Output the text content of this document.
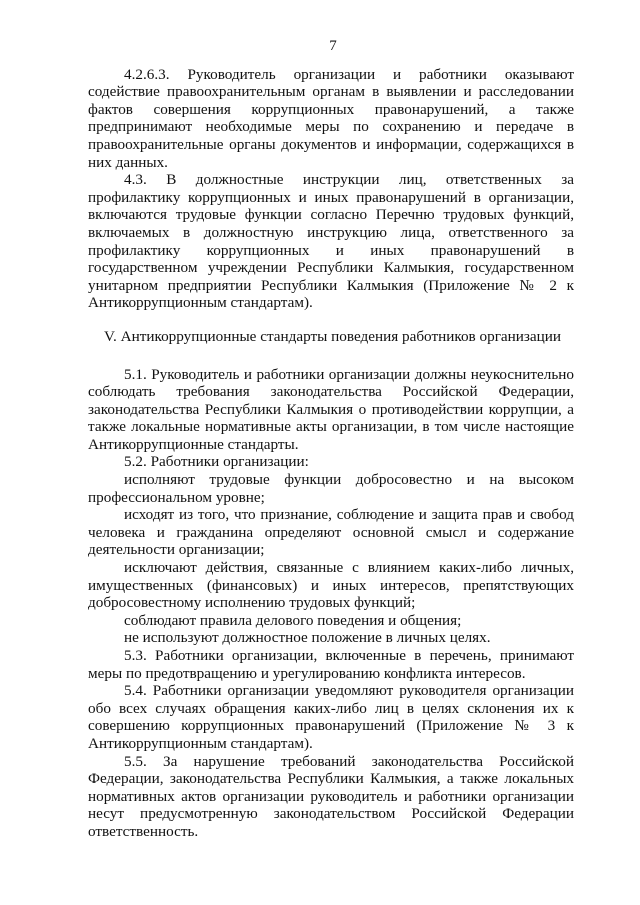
7

4.2.6.3. Руководитель организации и работники оказывают содействие правоохранительным органам в выявлении и расследовании фактов совершения коррупционных правонарушений, а также предпринимают необходимые меры по сохранению и передаче в правоохранительные органы документов и информации, содержащихся в них данных.

4.3. В должностные инструкции лиц, ответственных за профилактику коррупционных и иных правонарушений в организации, включаются трудовые функции согласно Перечню трудовых функций, включаемых в должностную инструкцию лица, ответственного за профилактику коррупционных и иных правонарушений в государственном учреждении Республики Калмыкия, государственном унитарном предприятии Республики Калмыкия (Приложение № 2 к Антикоррупционным стандартам).

V. Антикоррупционные стандарты поведения работников организации

5.1. Руководитель и работники организации должны неукоснительно соблюдать требования законодательства Российской Федерации, законодательства Республики Калмыкия о противодействии коррупции, а также локальные нормативные акты организации, в том числе настоящие Антикоррупционные стандарты.

5.2. Работники организации:

исполняют трудовые функции добросовестно и на высоком профессиональном уровне;

исходят из того, что признание, соблюдение и защита прав и свобод человека и гражданина определяют основной смысл и содержание деятельности организации;

исключают действия, связанные с влиянием каких-либо личных, имущественных (финансовых) и иных интересов, препятствующих добросовестному исполнению трудовых функций;

соблюдают правила делового поведения и общения;

не используют должностное положение в личных целях.

5.3. Работники организации, включенные в перечень, принимают меры по предотвращению и урегулированию конфликта интересов.

5.4. Работники организации уведомляют руководителя организации обо всех случаях обращения каких-либо лиц в целях склонения их к совершению коррупционных правонарушений (Приложение № 3 к Антикоррупционным стандартам).

5.5. За нарушение требований законодательства Российской Федерации, законодательства Республики Калмыкия, а также локальных нормативных актов организации руководитель и работники организации несут предусмотренную законодательством Российской Федерации ответственность.
